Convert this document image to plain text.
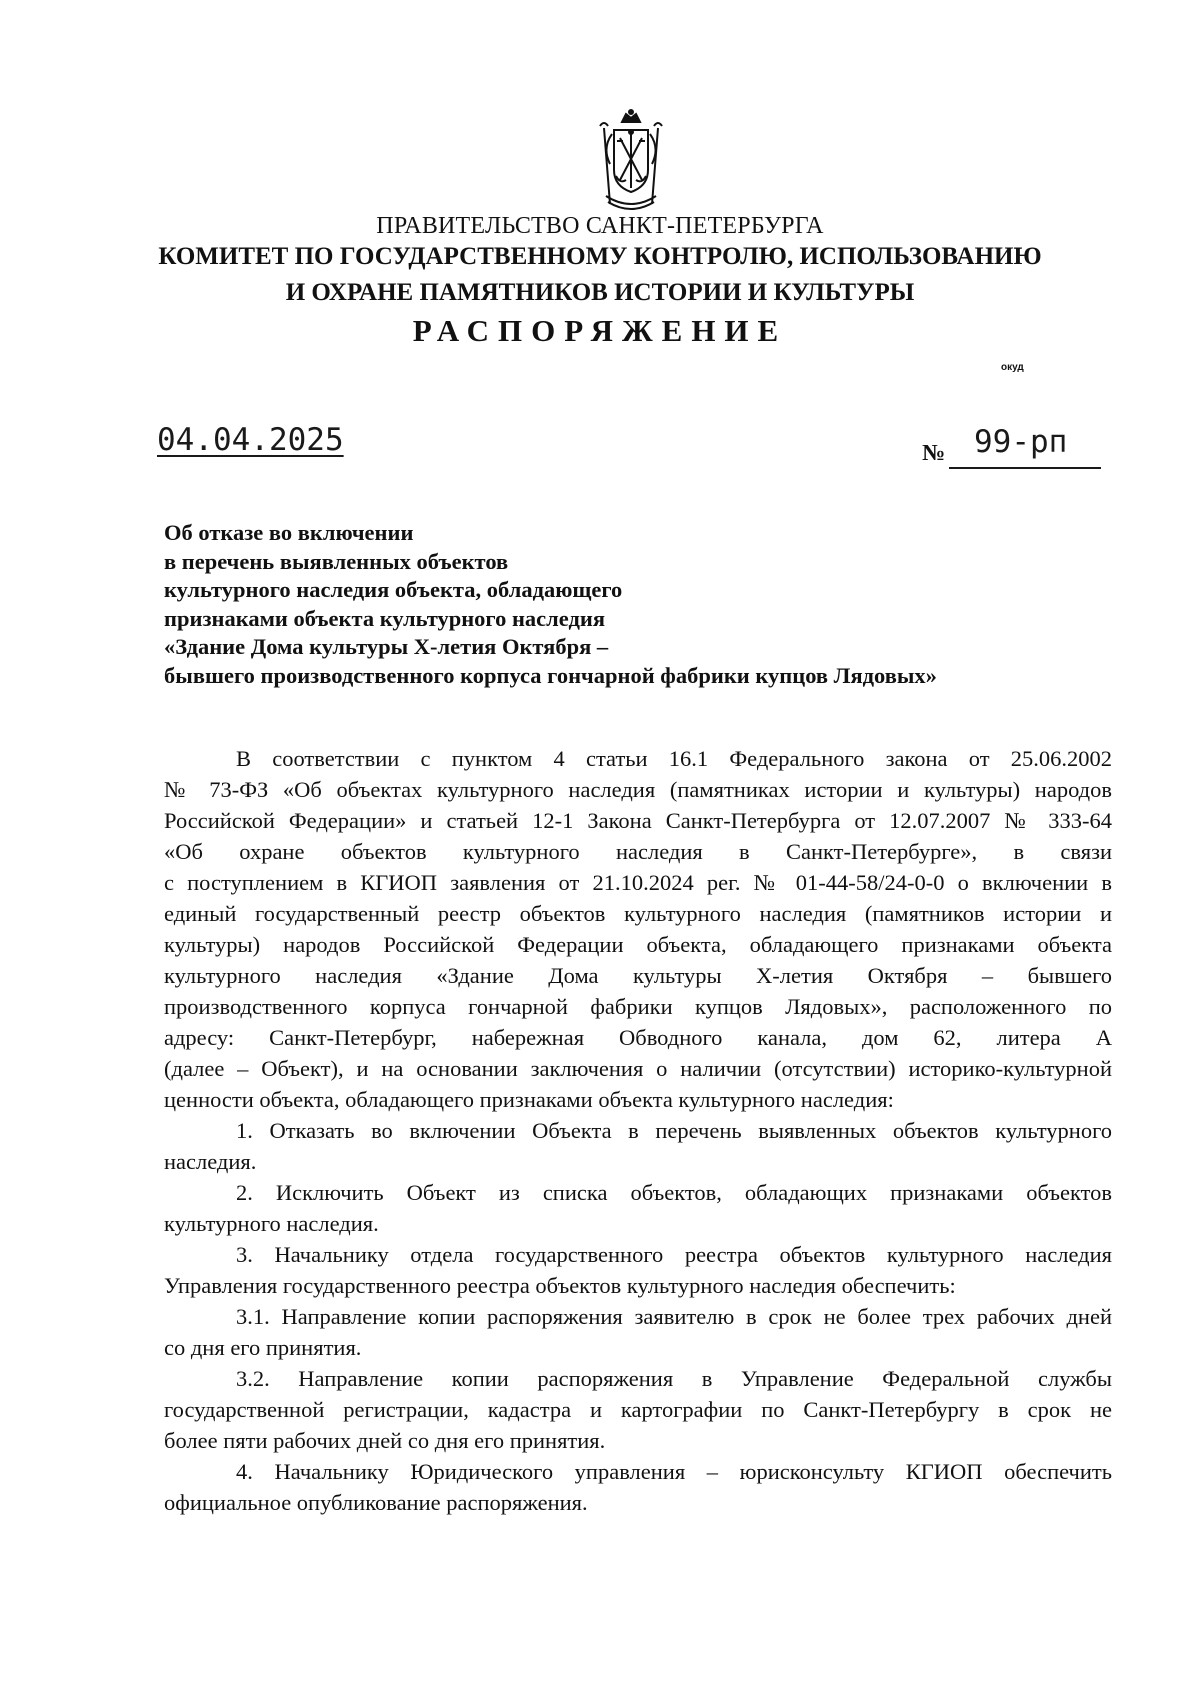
ПРАВИТЕЛЬСТВО САНКТ-ПЕТЕРБУРГА
КОМИТЕТ ПО ГОСУДАРСТВЕННОМУ КОНТРОЛЮ, ИСПОЛЬЗОВАНИЮ
И ОХРАНЕ ПАМЯТНИКОВ ИСТОРИИ И КУЛЬТУРЫ
РАСПОРЯЖЕНИЕ
окуд
04.04.2025	№ 99-рп
Об отказе во включении
в перечень выявленных объектов
культурного наследия объекта, обладающего
признаками объекта культурного наследия
«Здание Дома культуры X-летия Октября –
бывшего производственного корпуса гончарной фабрики купцов Лядовых»
В соответствии с пунктом 4 статьи 16.1 Федерального закона от 25.06.2002
№ 73-ФЗ «Об объектах культурного наследия (памятниках истории и культуры) народов
Российской Федерации» и статьей 12-1 Закона Санкт-Петербурга от 12.07.2007 № 333-64
«Об охране объектов культурного наследия в Санкт-Петербурге», в связи
с поступлением в КГИОП заявления от 21.10.2024 рег. № 01-44-58/24-0-0 о включении в
единый государственный реестр объектов культурного наследия (памятников истории и
культуры) народов Российской Федерации объекта, обладающего признаками объекта
культурного наследия «Здание Дома культуры X-летия Октября – бывшего
производственного корпуса гончарной фабрики купцов Лядовых», расположенного по
адресу: Санкт-Петербург, набережная Обводного канала, дом 62, литера А
(далее – Объект), и на основании заключения о наличии (отсутствии) историко-культурной
ценности объекта, обладающего признаками объекта культурного наследия:
1. Отказать во включении Объекта в перечень выявленных объектов культурного
наследия.
2. Исключить Объект из списка объектов, обладающих признаками объектов
культурного наследия.
3. Начальнику отдела государственного реестра объектов культурного наследия
Управления государственного реестра объектов культурного наследия обеспечить:
3.1. Направление копии распоряжения заявителю в срок не более трех рабочих дней
со дня его принятия.
3.2. Направление копии распоряжения в Управление Федеральной службы
государственной регистрации, кадастра и картографии по Санкт-Петербургу в срок не
более пяти рабочих дней со дня его принятия.
4. Начальнику Юридического управления – юрисконсульту КГИОП обеспечить
официальное опубликование распоряжения.
